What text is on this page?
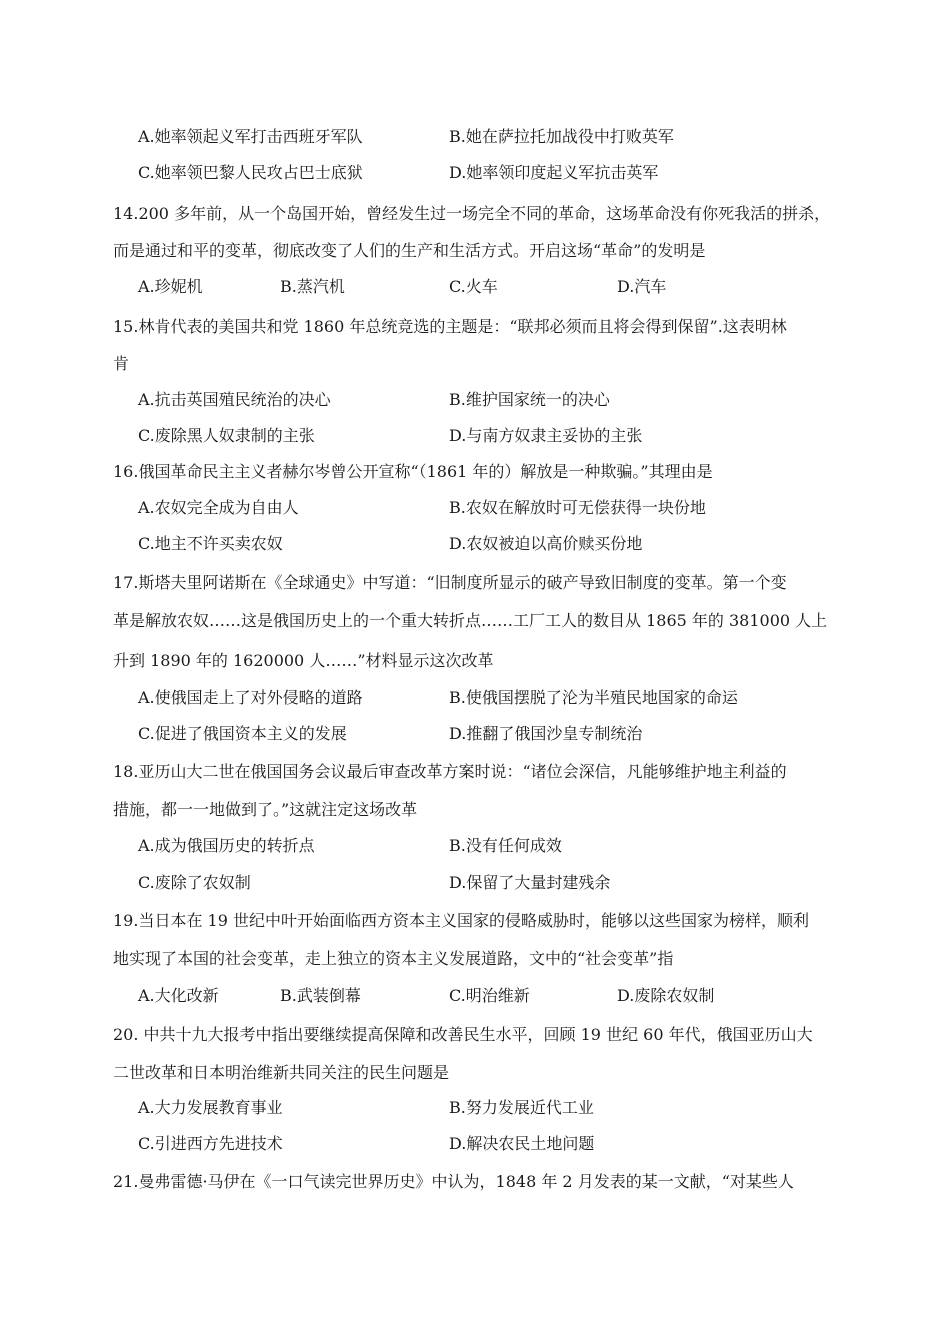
A.她率领起义军打击西班牙军队	B.她在萨拉托加战役中打败英军
C.她率领巴黎人民攻占巴士底狱	D.她率领印度起义军抗击英军
14.200 多年前，从一个岛国开始，曾经发生过一场完全不同的革命，这场革命没有你死我活的拼杀，
而是通过和平的变革，彻底改变了人们的生产和生活方式。开启这场“革命”的发明是
A.珍妮机	B.蒸汽机	C.火车	D.汽车
15.林肯代表的美国共和党 1860 年总统竞选的主题是：“联邦必须而且将会得到保留”.这表明林
肯
A.抗击英国殖民统治的决心	B.维护国家统一的决心
C.废除黑人奴隶制的主张	D.与南方奴隶主妥协的主张
16.俄国革命民主主义者赫尔岑曾公开宣称“（1861 年的）解放是一种欺骗。”其理由是
A.农奴完全成为自由人	B.农奴在解放时可无偿获得一块份地
C.地主不许买卖农奴	D.农奴被迫以高价赎买份地
17.斯塔夫里阿诺斯在《全球通史》中写道：“旧制度所显示的破产导致旧制度的变革。第一个变
革是解放农奴……这是俄国历史上的一个重大转折点……工厂工人的数目从 1865 年的 381000 人上
升到 1890 年的 1620000 人……”材料显示这次改革
A.使俄国走上了对外侵略的道路	B.使俄国摆脱了沦为半殖民地国家的命运
C.促进了俄国资本主义的发展	D.推翻了俄国沙皇专制统治
18.亚历山大二世在俄国国务会议最后审查改革方案时说：“诸位会深信，凡能够维护地主利益的
措施，都一一地做到了。”这就注定这场改革
A.成为俄国历史的转折点	B.没有任何成效
C.废除了农奴制	D.保留了大量封建残余
19.当日本在 19 世纪中叶开始面临西方资本主义国家的侵略威胁时，能够以这些国家为榜样，顺利
地实现了本国的社会变革，走上独立的资本主义发展道路，文中的“社会变革”指
A.大化改新	B.武装倒幕	C.明治维新	D.废除农奴制
20. 中共十九大报考中指出要继续提高保障和改善民生水平，回顾 19 世纪 60 年代，俄国亚历山大
二世改革和日本明治维新共同关注的民生问题是
A.大力发展教育事业	B.努力发展近代工业
C.引进西方先进技术	D.解决农民土地问题
21.曼弗雷德·马伊在《一口气读完世界历史》中认为，1848 年 2 月发表的某一文献，“对某些人
